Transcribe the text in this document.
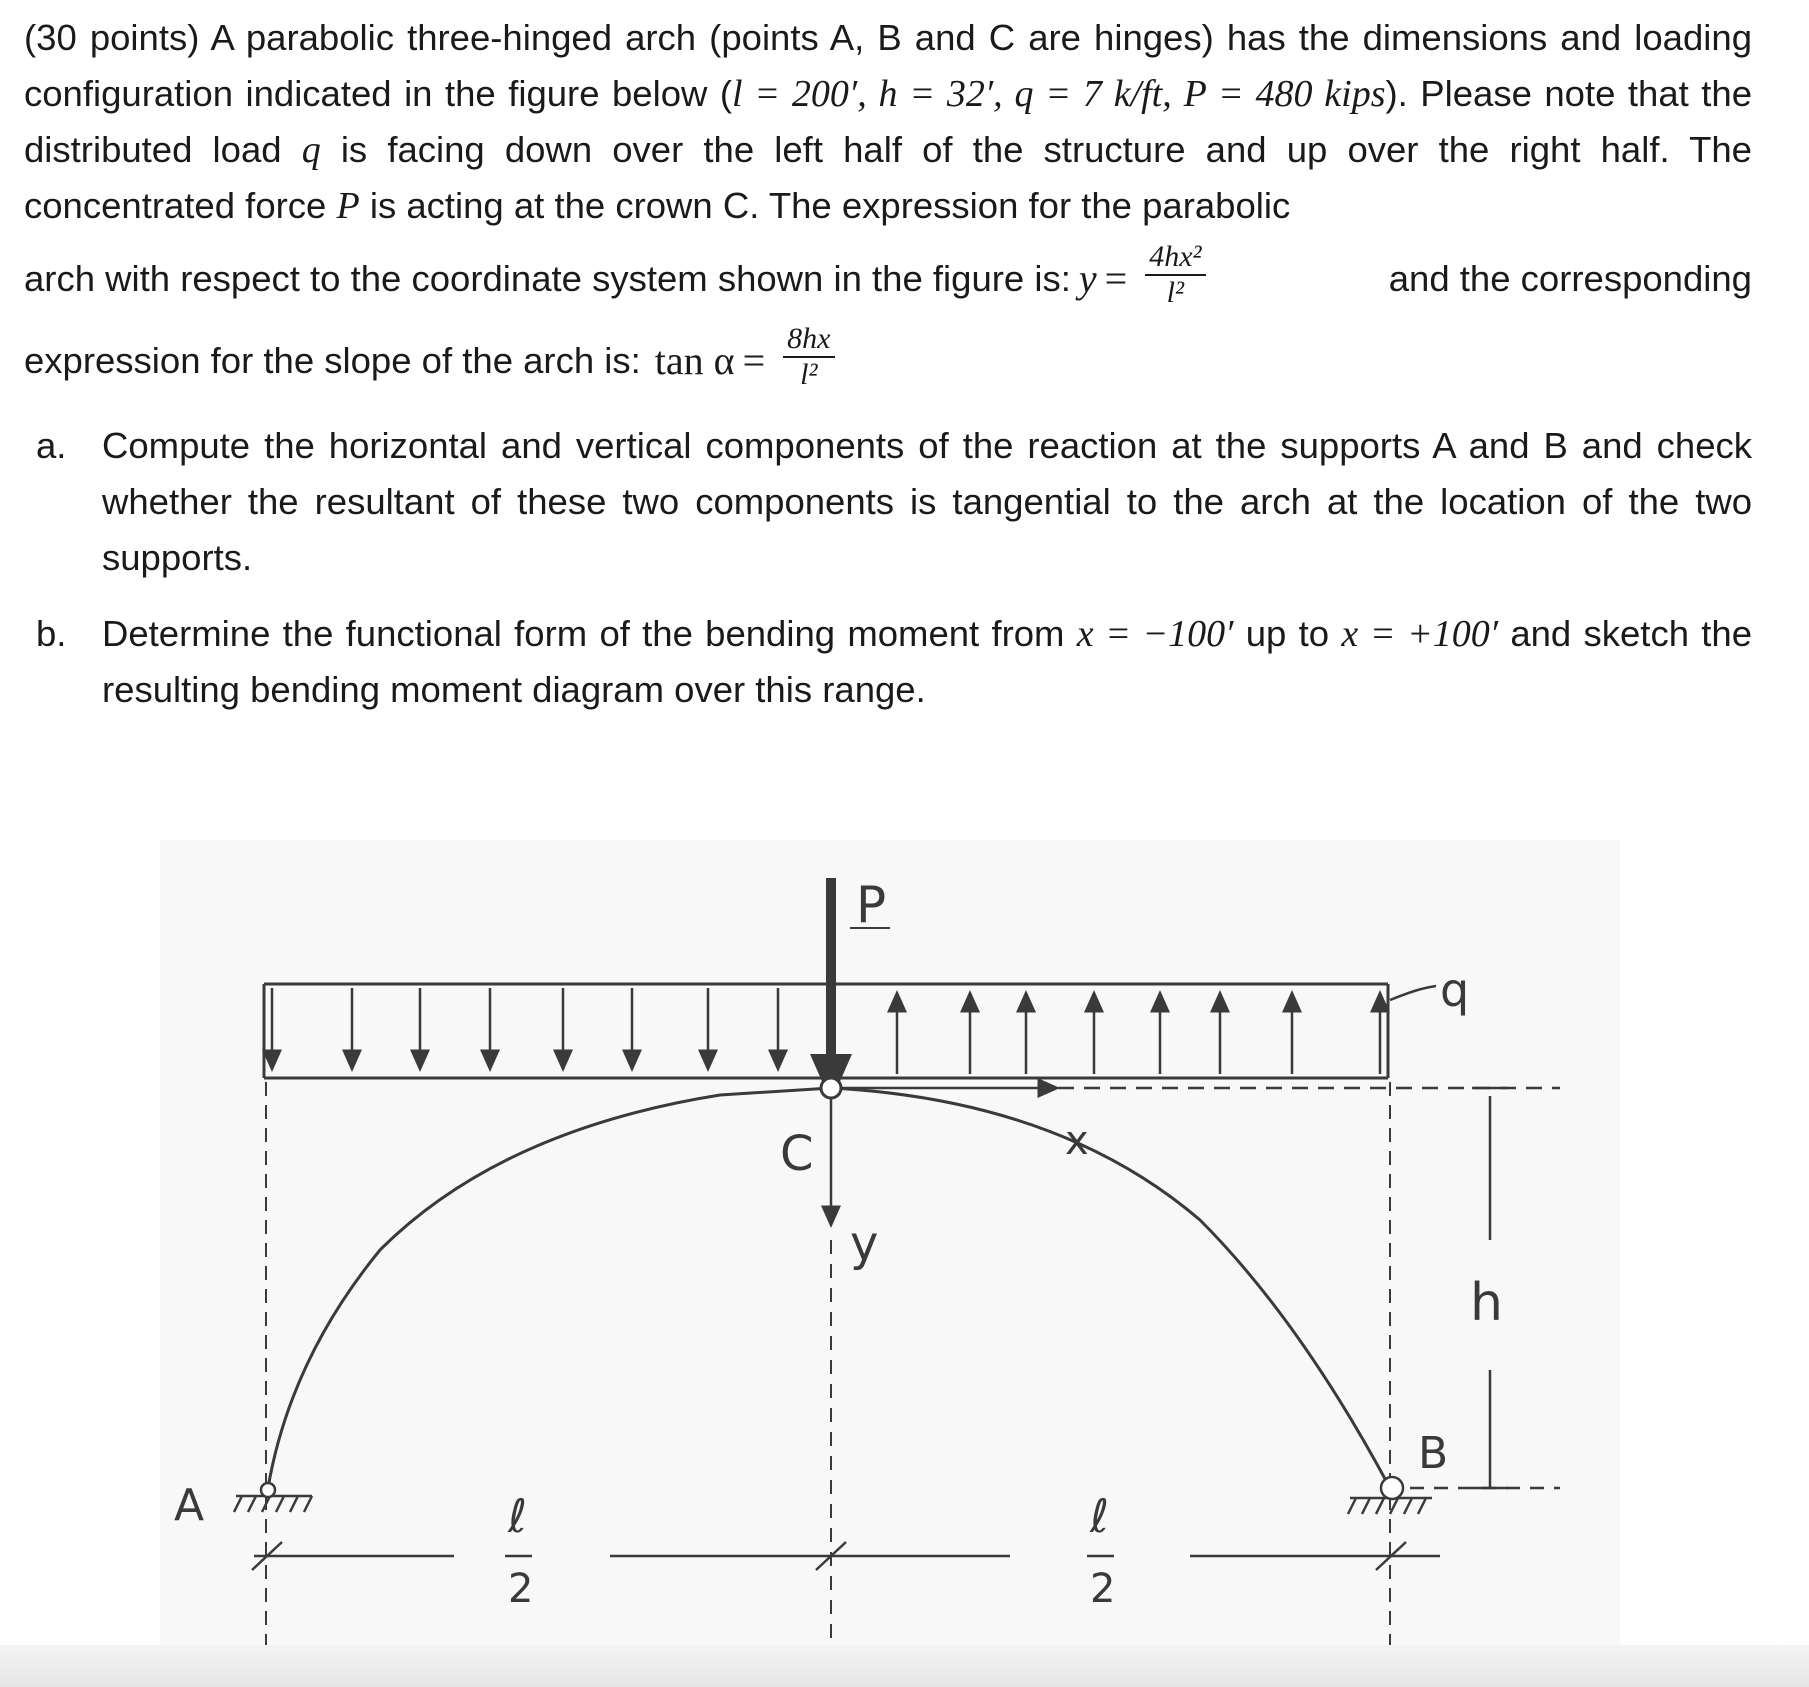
(30 points) A parabolic three-hinged arch (points A, B and C are hinges) has the dimensions and loading configuration indicated in the figure below (l = 200′, h = 32′, q = 7 k/ft, P = 480 kips). Please note that the distributed load q is facing down over the left half of the structure and up over the right half. The concentrated force P is acting at the crown C. The expression for the parabolic

arch with respect to the coordinate system shown in the figure is: $y = \frac{\text{4hx²}}{\text{l²}}$	and the corresponding
expression for the slope of the arch is: $\tan \alpha = \frac{8hx}{\text{l²}}$
a. Compute the horizontal and vertical components of the reaction at the supports A and B and check whether the resultant of these two components is tangential to the arch at the location of the two supports.
b. Determine the functional form of the bending moment from x = −100′ up to x = +100′ and sketch the resulting bending moment diagram over this range.
P
q
x
C
y
h
A
B
ℓ
2
ℓ
2
